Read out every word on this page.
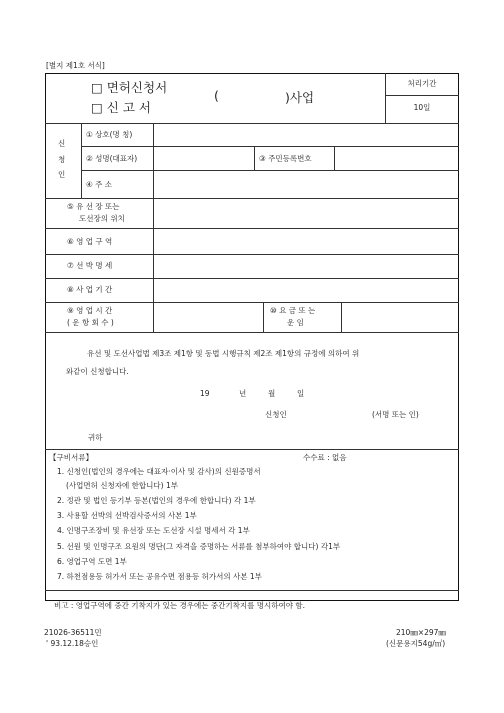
[별지 제1호 서식]
□ 면허신청서
□ 신 고 서
(	)사업
처리기간
10일
신
청
인
① 상호(명 칭)
② 성명(대표자)	③ 주민등록번호
④ 주 소
⑤ 유 선 장 또는
도선장의 위치
⑥ 영 업 구 역
⑦ 선 박 명 세
⑧ 사 업 기 간
⑨ 영 업 시 간
( 운 항 회 수 )
⑩ 요 금 또 는
운 임
유선 및 도선사업법 제3조 제1항 및 동법 시행규칙 제2조 제1항의 규정에 의하여 위
와같이 신청합니다.
19	년	월	일
신청인	(서명 또는 인)
귀하
【구비서류】	수수료 : 없음
1. 신청인(법인의 경우에는 대표자·이사 및 감사)의 신원증명서
(사업면허 신청자에 한합니다) 1부
2. 정관 및 법인 등기부 등본(법인의 경우에 한합니다) 각 1부
3. 사용할 선박의 선박검사증서의 사본 1부
4. 인명구조장비 및 유선장 또는 도선장 시설 명세서 각 1부
5. 선원 및 인명구조 요원의 명단(그 자격을 증명하는 서류를 첨부하여야 합니다) 각1부
6. 영업구역 도면 1부
7. 하천점용등 허가서 또는 공유수면 점용등 허가서의 사본 1부
비고 : 영업구역에 중간 기착지가 있는 경우에는 중간기착지를 명시하여야 함.
21026-36511민
' 93.12.18승인
210㎜×297㎜
(신문용지54g/㎡)
